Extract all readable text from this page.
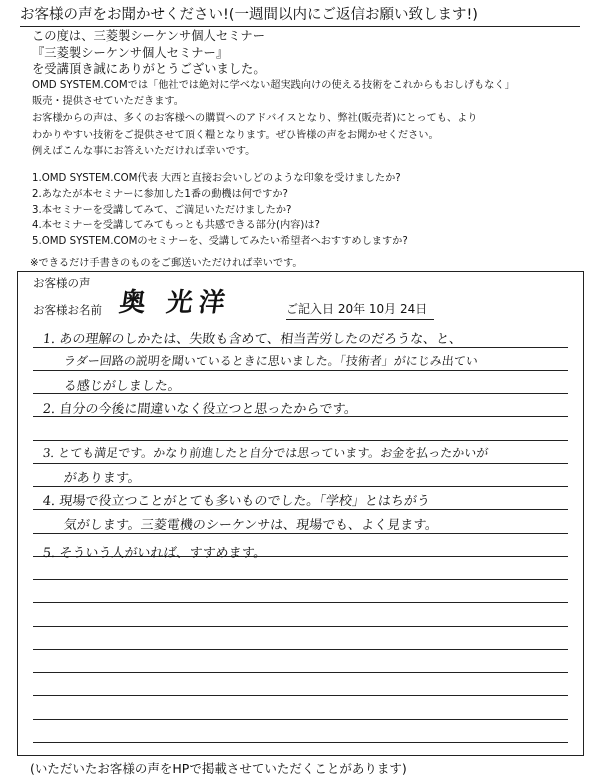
お客様の声をお聞かせください!(一週間以内にご返信お願い致します!)
この度は、三菱製シーケンサ個人セミナー
『三菱製シーケンサ個人セミナー』
を受講頂き誠にありがとうございました。
OMD SYSTEM.COMでは「他社では絶対に学べない超実践向けの使える技術をこれからもおしげもなく」
販売・提供させていただきます。
お客様からの声は、多くのお客様への購買へのアドバイスとなり、弊社(販売者)にとっても、より
わかりやすい技術をご提供させて頂く糧となります。ぜひ皆様の声をお聞かせください。
例えばこんな事にお答えいただければ幸いです。
1.OMD SYSTEM.COM代表 大西と直接お会いしどのような印象を受けましたか?
2.あなたが本セミナーに参加した1番の動機は何ですか?
3.本セミナーを受講してみて、ご満足いただけましたか?
4.本セミナーを受講してみてもっとも共感できる部分(内容)は?
5.OMD SYSTEM.COMのセミナーを、受講してみたい希望者へおすすめしますか?
※できるだけ手書きのものをご郵送いただければ幸いです。
お客様の声
お客様お名前 奥 光洋	ご記入日 20年 10月 24日
1. あの理解のしかたは、失敗も含めて、相当苦労したのだろうな、と、
ラダー回路の説明を聞いているときに思いました。「技術者」がにじみ出てい
る感じがしました。
2. 自分の今後に間違いなく役立つと思ったからです。
3. とても満足です。かなり前進したと自分では思っています。お金を払ったかいが
があります。
4. 現場で役立つことがとても多いものでした。「学校」とはちがう
気がします。三菱電機のシーケンサは、現場でも、よく見ます。
5. そういう人がいれば、すすめます。
(いただいたお客様の声をHPで掲載させていただくことがあります)
